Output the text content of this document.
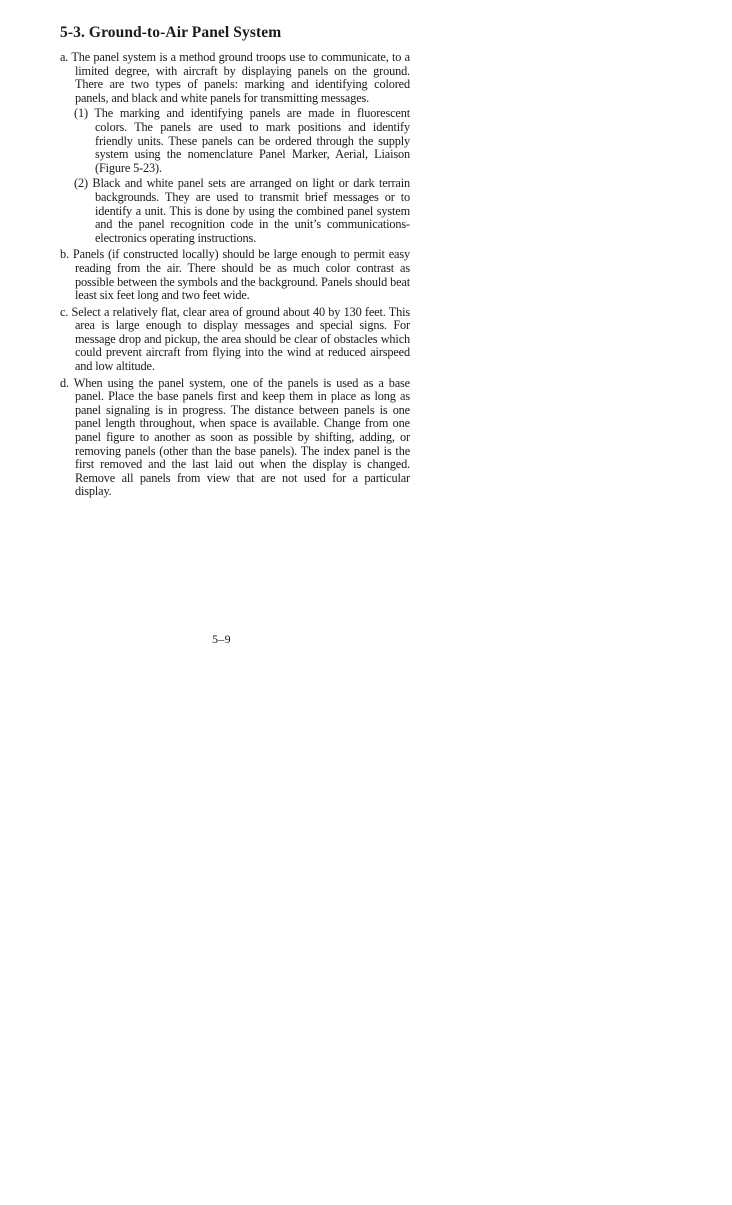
5-3. Ground-to-Air Panel System

a. The panel system is a method ground troops use to communicate, to a limited degree, with aircraft by displaying panels on the ground. There are two types of panels: marking and identifying colored panels, and black and white panels for transmitting messages.

(1) The marking and identifying panels are made in fluorescent colors. The panels are used to mark positions and identify friendly units. These panels can be ordered through the supply system using the nomenclature Panel Marker, Aerial, Liaison (Figure 5-23).

(2) Black and white panel sets are arranged on light or dark terrain backgrounds. They are used to transmit brief messages or to identify a unit. This is done by using the combined panel system and the panel recognition code in the unit’s communications-electronics operating instructions.

b. Panels (if constructed locally) should be large enough to permit easy reading from the air. There should be as much color contrast as possible between the symbols and the background. Panels should beat least six feet long and two feet wide.

c. Select a relatively flat, clear area of ground about 40 by 130 feet. This area is large enough to display messages and special signs. For message drop and pickup, the area should be clear of obstacles which could prevent aircraft from flying into the wind at reduced airspeed and low altitude.

d. When using the panel system, one of the panels is used as a base panel. Place the base panels first and keep them in place as long as panel signaling is in progress. The distance between panels is one panel length throughout, when space is available. Change from one panel figure to another as soon as possible by shifting, adding, or removing panels (other than the base panels). The index panel is the first removed and the last laid out when the display is changed. Remove all panels from view that are not used for a particular display.

5–9
